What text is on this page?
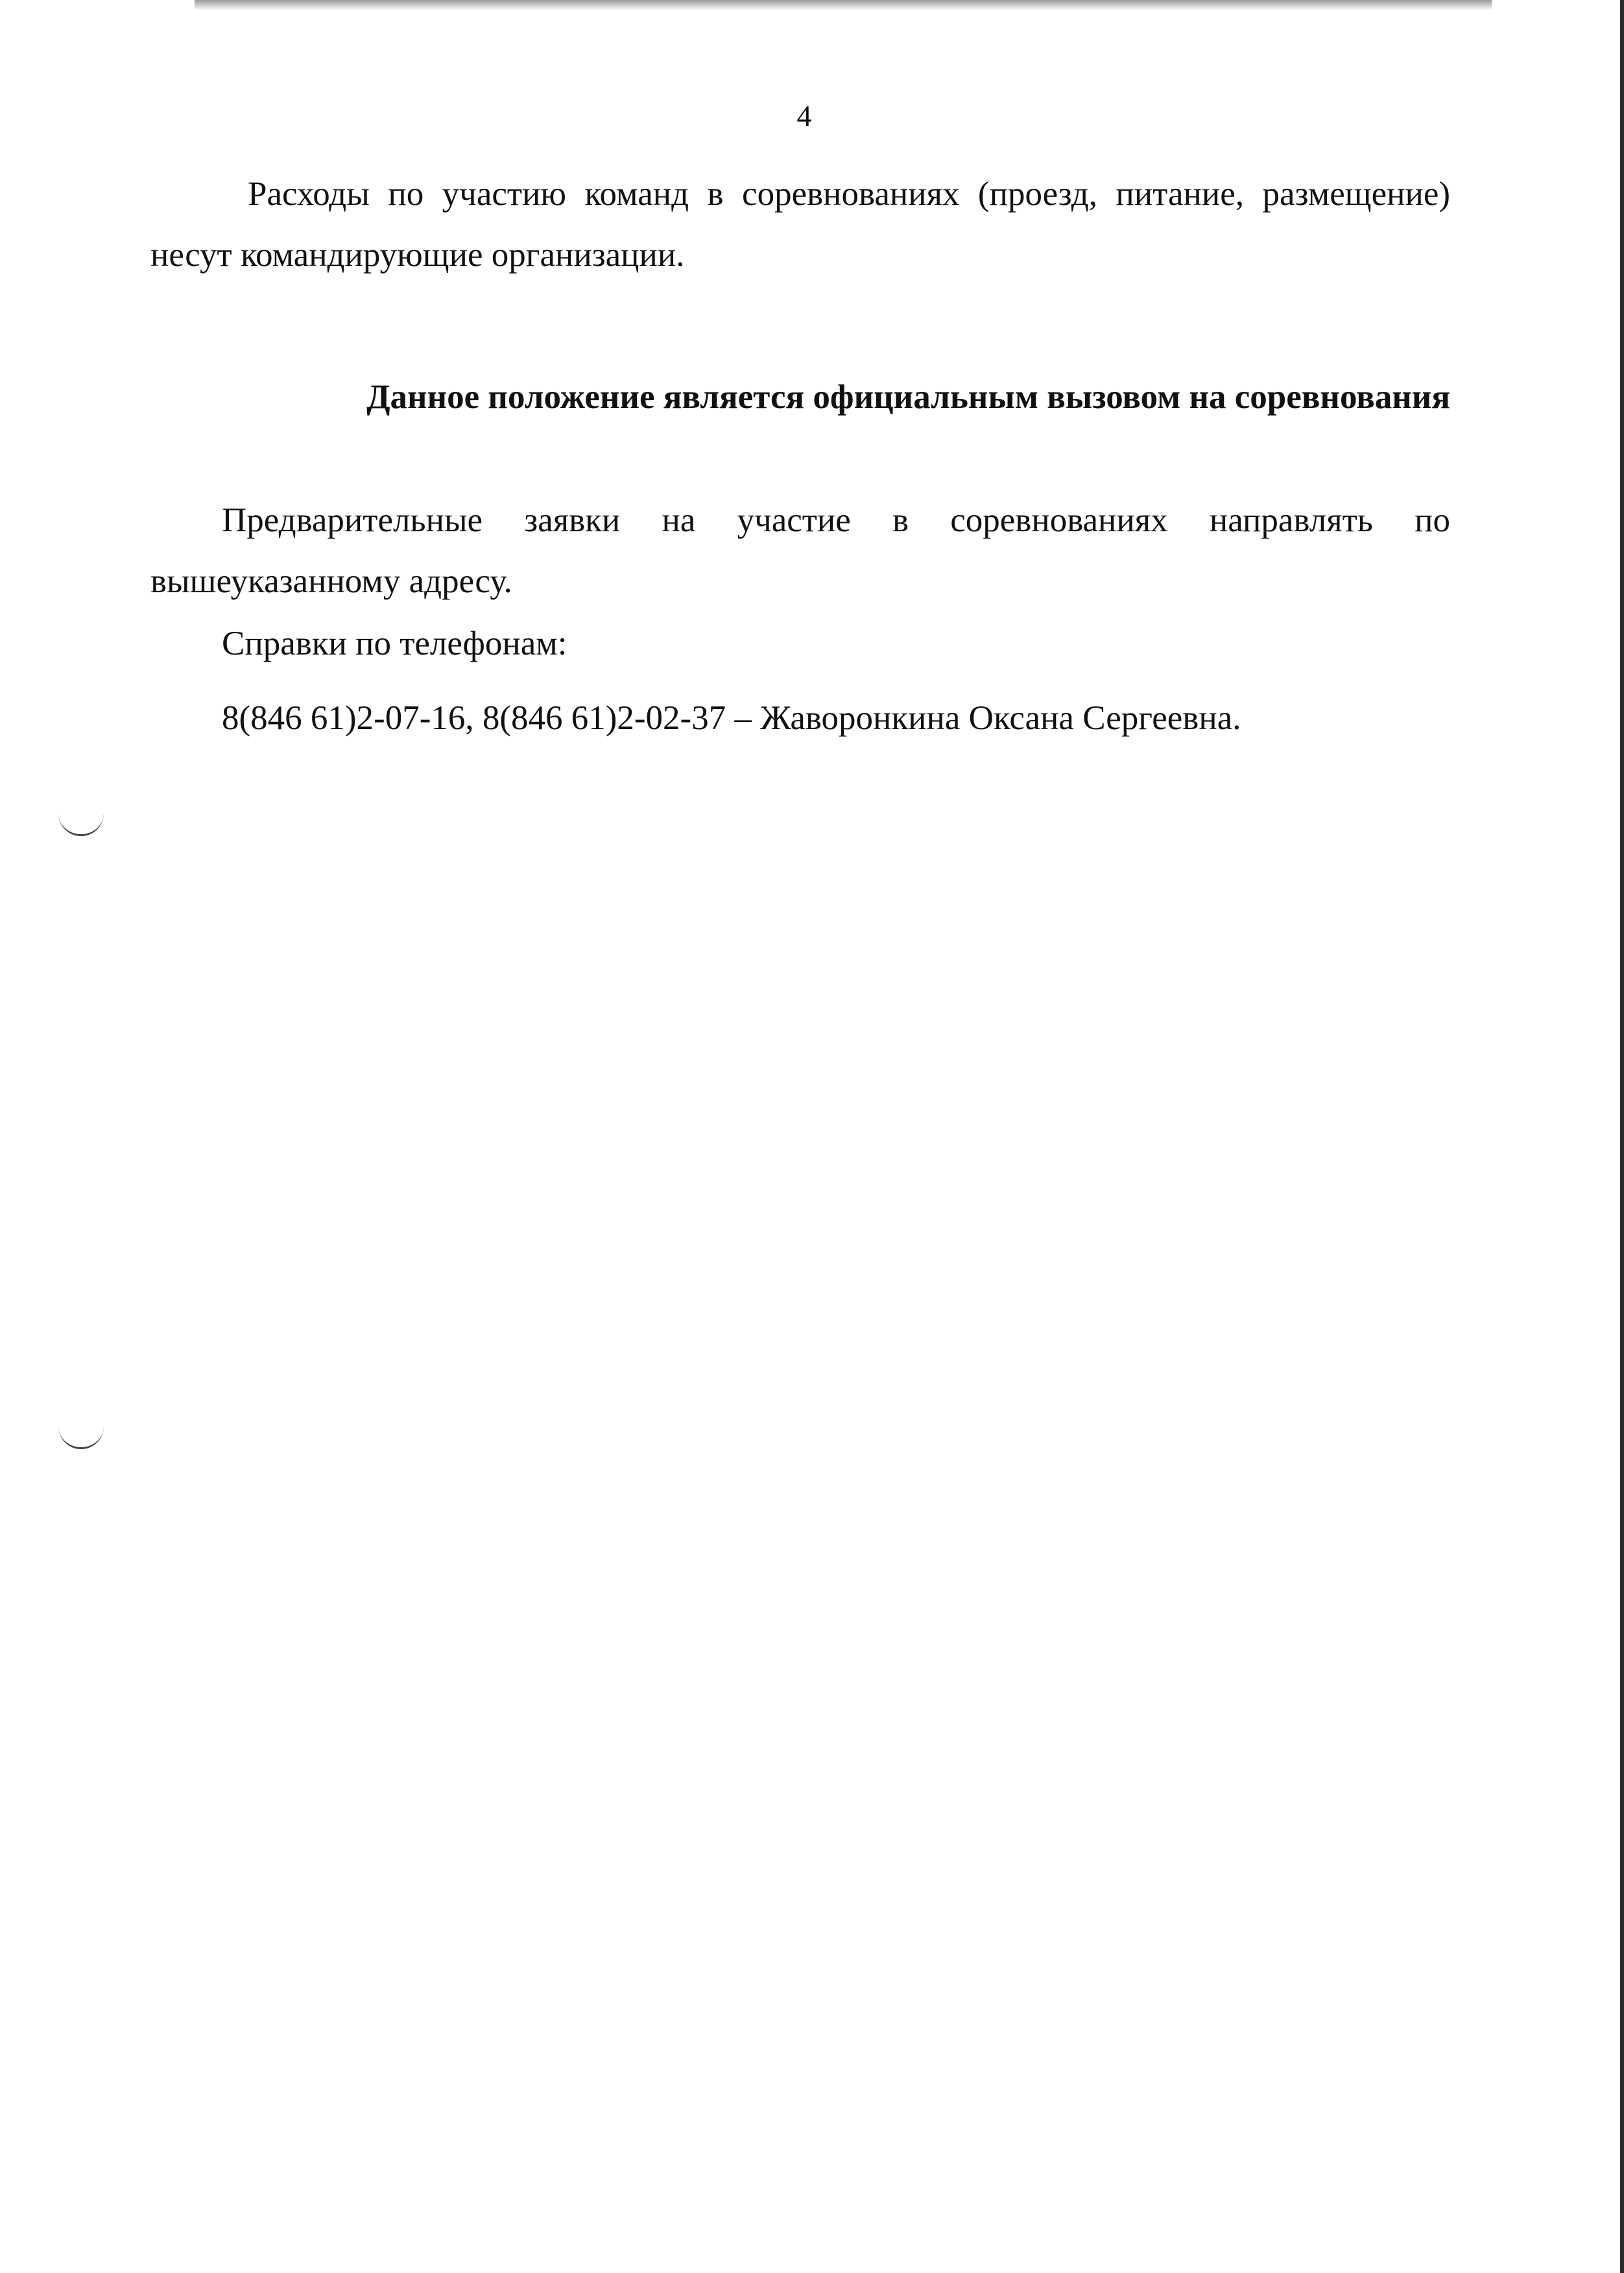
4
Расходы по участию команд в соревнованиях (проезд, питание, размещение) несут командирующие организации.
Данное положение является официальным вызовом на соревнования
Предварительные заявки на участие в соревнованиях направлять по вышеуказанному адресу.
Справки по телефонам:
8(846 61)2-07-16, 8(846 61)2-02-37 – Жаворонкина Оксана Сергеевна.
